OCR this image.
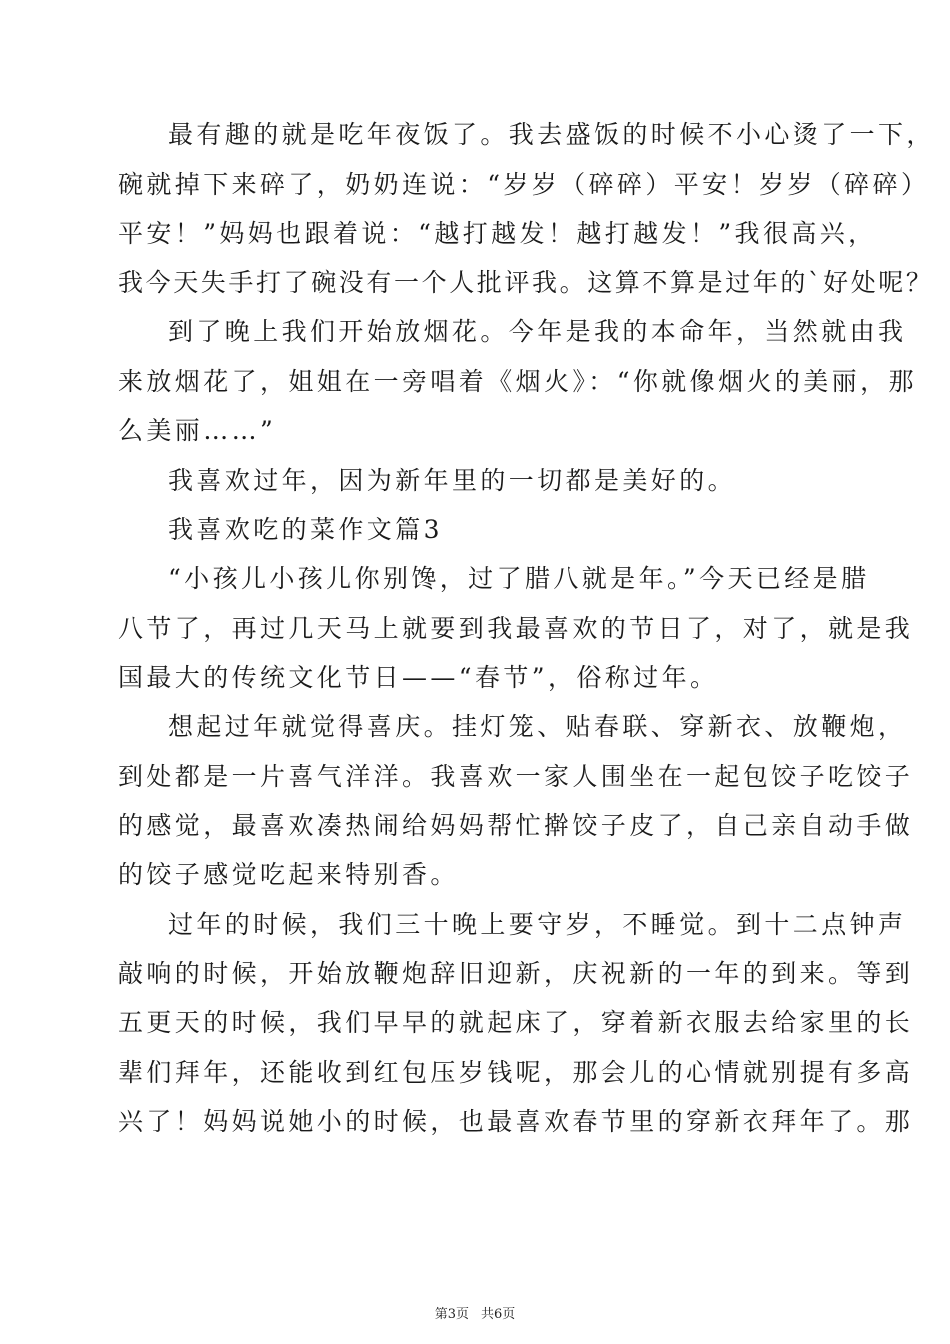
最有趣的就是吃年夜饭了。我去盛饭的时候不小心烫了一下，
碗就掉下来碎了，奶奶连说：“岁岁（碎碎）平安！岁岁（碎碎）
平安！”妈妈也跟着说：“越打越发！越打越发！”我很高兴，
我今天失手打了碗没有一个人批评我。这算不算是过年的`好处呢？
到了晚上我们开始放烟花。今年是我的本命年，当然就由我
来放烟花了，姐姐在一旁唱着《烟火》：“你就像烟火的美丽，那
么美丽……”
我喜欢过年，因为新年里的一切都是美好的。
我喜欢吃的菜作文篇3
“小孩儿小孩儿你别馋，过了腊八就是年。”今天已经是腊
八节了，再过几天马上就要到我最喜欢的节日了，对了，就是我
国最大的传统文化节日——“春节”，俗称过年。
想起过年就觉得喜庆。挂灯笼、贴春联、穿新衣、放鞭炮，
到处都是一片喜气洋洋。我喜欢一家人围坐在一起包饺子吃饺子
的感觉，最喜欢凑热闹给妈妈帮忙擀饺子皮了，自己亲自动手做
的饺子感觉吃起来特别香。
过年的时候，我们三十晚上要守岁，不睡觉。到十二点钟声
敲响的时候，开始放鞭炮辞旧迎新，庆祝新的一年的到来。等到
五更天的时候，我们早早的就起床了，穿着新衣服去给家里的长
辈们拜年，还能收到红包压岁钱呢，那会儿的心情就别提有多高
兴了！妈妈说她小的时候，也最喜欢春节里的穿新衣拜年了。那
第3页 共6页
